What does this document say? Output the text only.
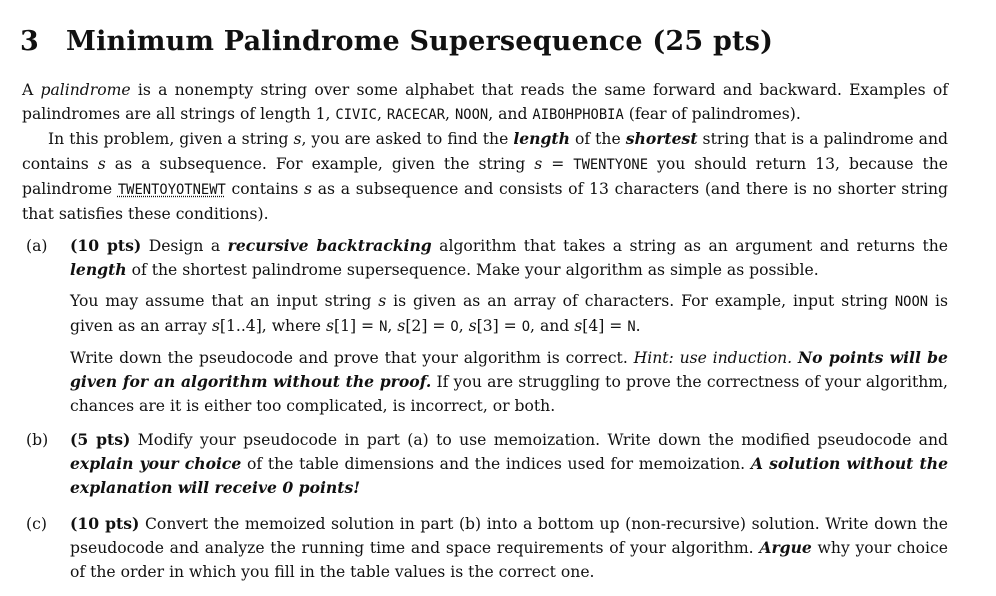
3 Minimum Palindrome Supersequence (25 pts)

A palindrome is a nonempty string over some alphabet that reads the same forward and backward. Examples of palindromes are all strings of length 1, CIVIC, RACECAR, NOON, and AIBOHPHOBIA (fear of palindromes).

In this problem, given a string s, you are asked to find the length of the shortest string that is a palindrome and contains s as a subsequence. For example, given the string s = TWENTYONE you should return 13, because the palindrome TWENTOYOTNEWT contains s as a subsequence and consists of 13 characters (and there is no shorter string that satisfies these conditions).

(a) (10 pts) Design a recursive backtracking algorithm that takes a string as an argument and returns the length of the shortest palindrome supersequence. Make your algorithm as simple as possible.

You may assume that an input string s is given as an array of characters. For example, input string NOON is given as an array s[1..4], where s[1] = N, s[2] = O, s[3] = O, and s[4] = N.

Write down the pseudocode and prove that your algorithm is correct. Hint: use induction. No points will be given for an algorithm without the proof. If you are struggling to prove the correctness of your algorithm, chances are it is either too complicated, is incorrect, or both.

(b) (5 pts) Modify your pseudocode in part (a) to use memoization. Write down the modified pseudocode and explain your choice of the table dimensions and the indices used for memoization. A solution without the explanation will receive 0 points!

(c) (10 pts) Convert the memoized solution in part (b) into a bottom up (non-recursive) solution. Write down the pseudocode and analyze the running time and space requirements of your algorithm. Argue why your choice of the order in which you fill in the table values is the correct one.
